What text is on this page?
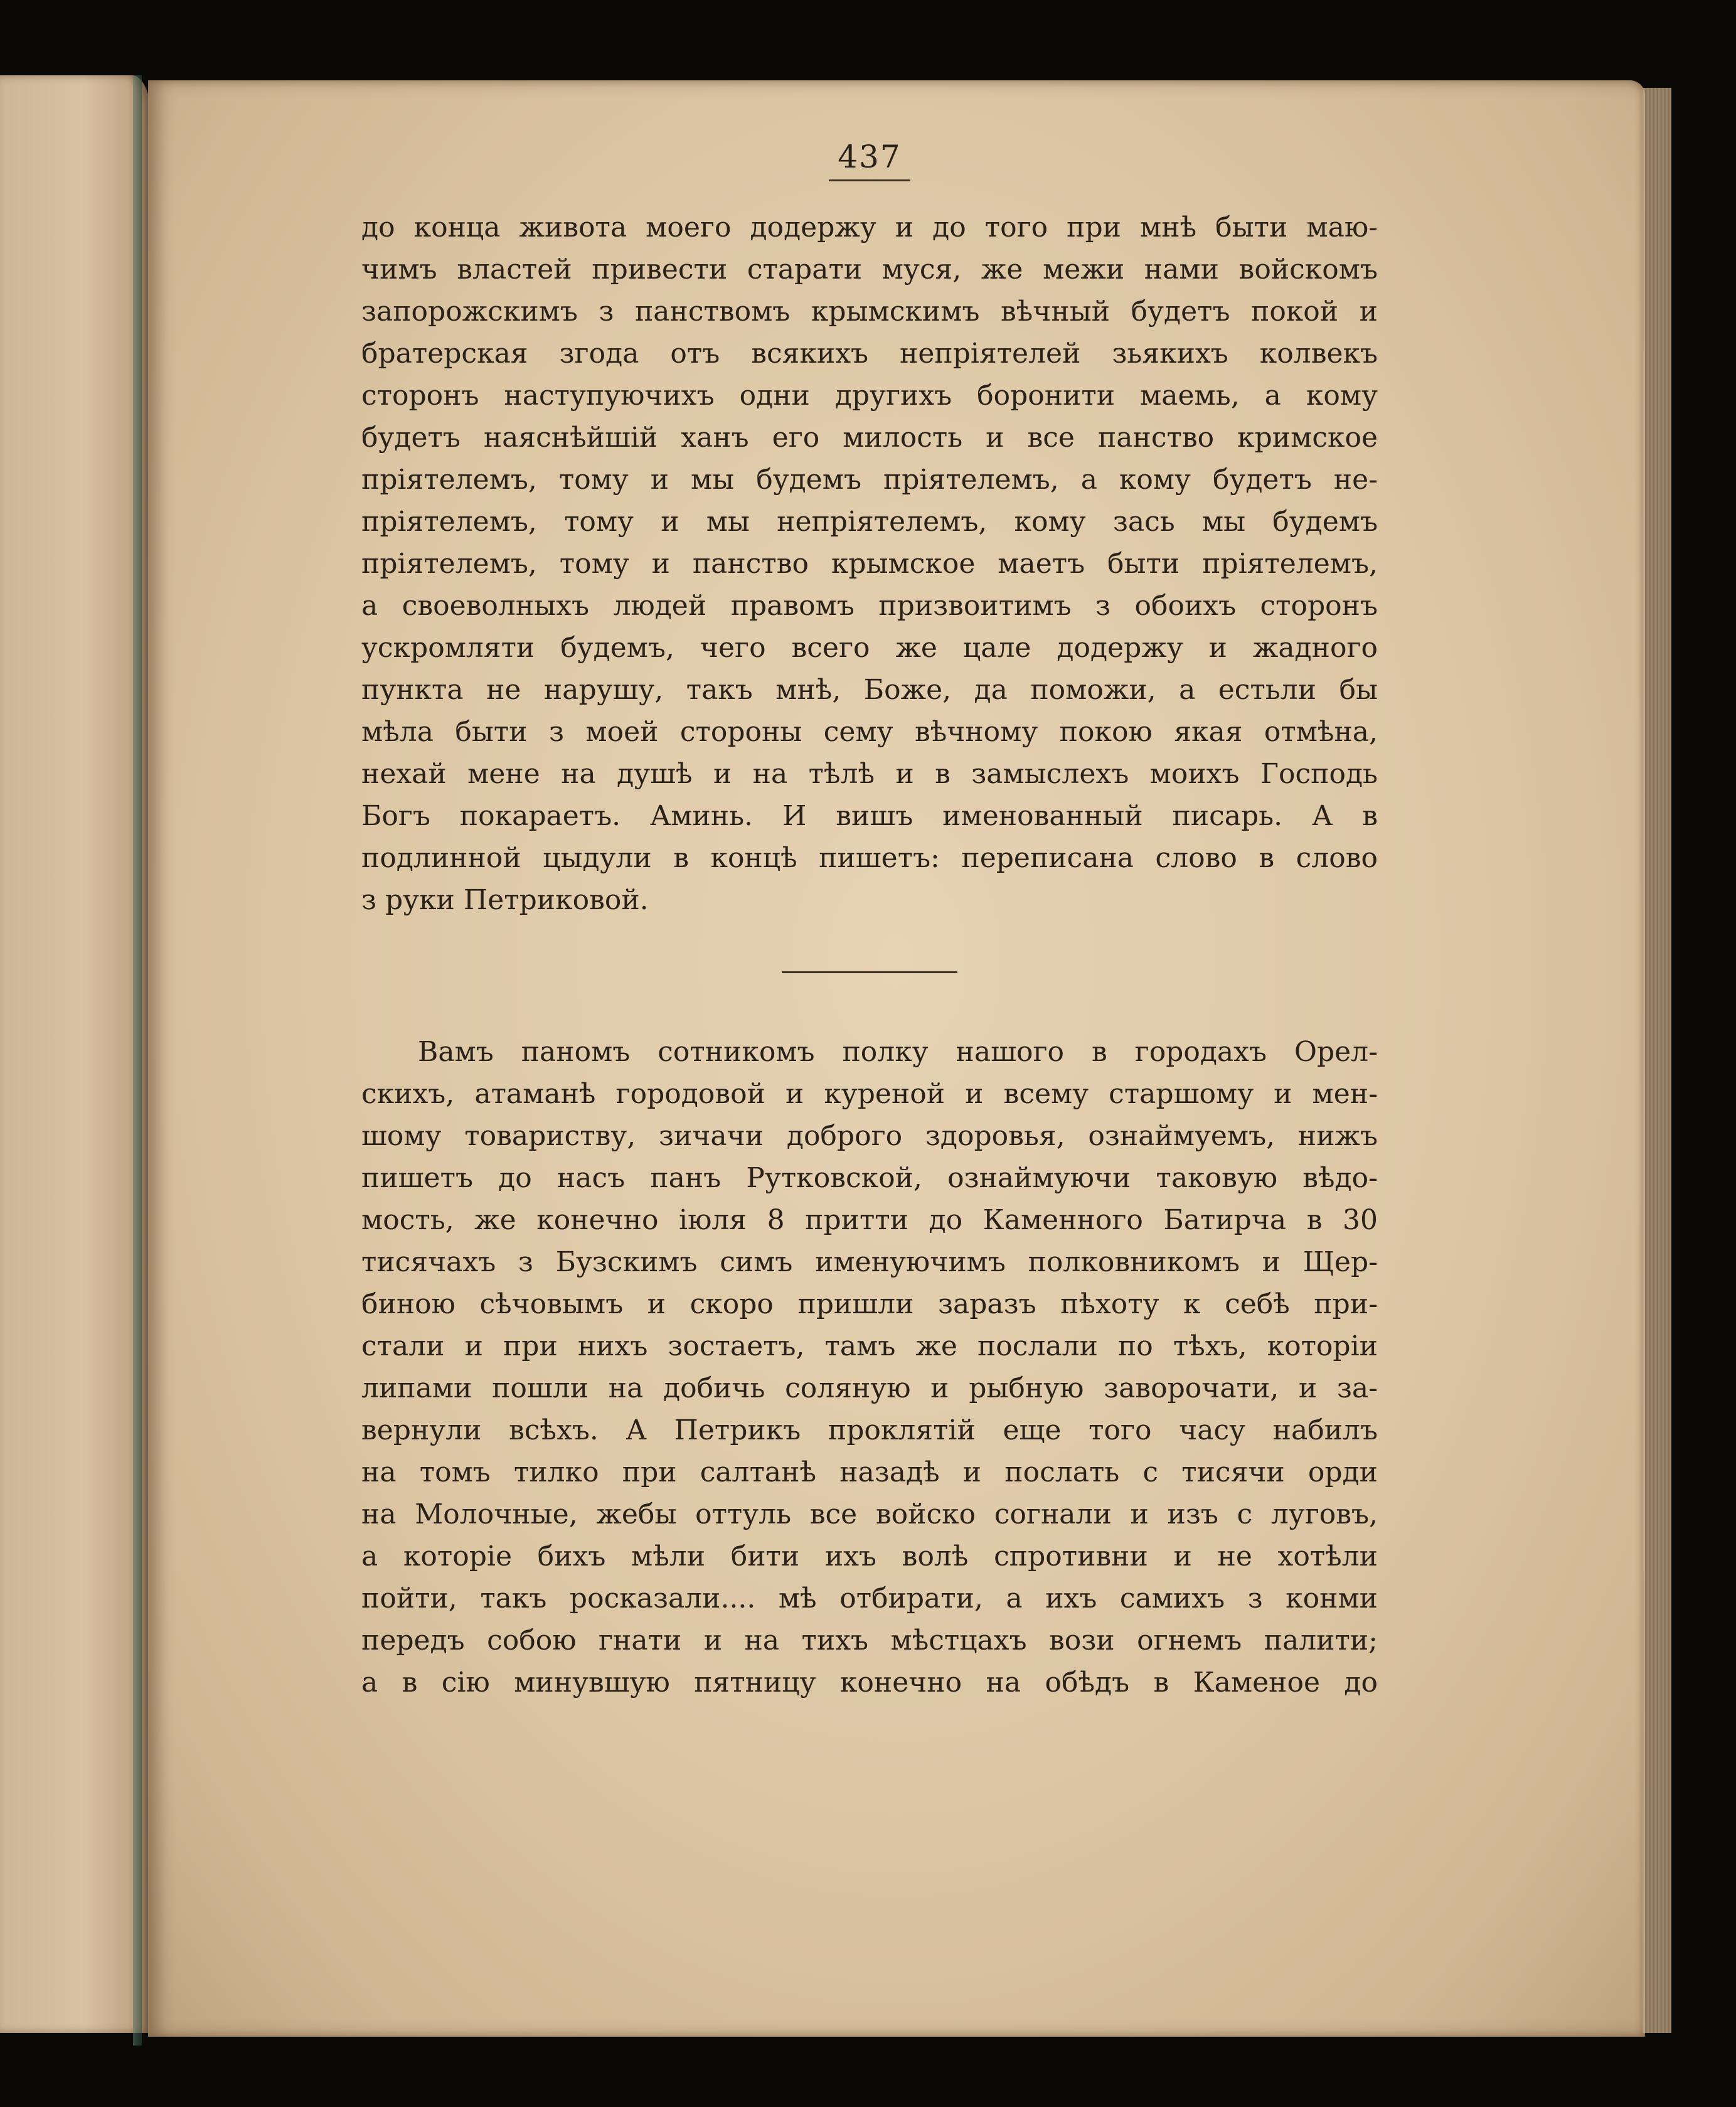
437
до конца живота моего додержу и до того при мнѣ быти маю-
чимъ властей привести старати муся, же межи нами войскомъ
запорожскимъ з панствомъ крымскимъ вѣчный будетъ покой и
братерская згода отъ всякихъ непріятелей зьякихъ колвекъ
сторонъ наступуючихъ одни другихъ боронити маемь, а кому
будетъ наяснѣйшій ханъ его милость и все панство кримское
пріятелемъ, тому и мы будемъ пріятелемъ, а кому будетъ не-
пріятелемъ, тому и мы непріятелемъ, кому зась мы будемъ
пріятелемъ, тому и панство крымское маетъ быти пріятелемъ,
а своеволныхъ людей правомъ призвоитимъ з обоихъ сторонъ
ускромляти будемъ, чего всего же цале додержу и жадного
пункта не нарушу, такъ мнѣ, Боже, да поможи, а естьли бы
мѣла быти з моей стороны сему вѣчному покою якая отмѣна,
нехай мене на душѣ и на тѣлѣ и в замыслехъ моихъ Господь
Богъ покараетъ. Аминь. И вишъ именованный писарь. А в
подлинной цыдули в концѣ пишетъ: переписана слово в слово
з руки Петриковой.
Вамъ паномъ сотникомъ полку нашого в городахъ Орел-
скихъ, атаманѣ городовой и куреной и всему старшому и мен-
шому товариству, зичачи доброго здоровья, ознаймуемъ, нижъ
пишетъ до насъ панъ Рутковской, ознаймуючи таковую вѣдо-
мость, же конечно іюля 8 притти до Каменного Батирча в 30
тисячахъ з Бузскимъ симъ именуючимъ полковникомъ и Щер-
биною сѣчовымъ и скоро пришли заразъ пѣхоту к себѣ при-
стали и при нихъ зостаетъ, тамъ же послали по тѣхъ, которіи
липами пошли на добичь соляную и рыбную заворочати, и за-
вернули всѣхъ. А Петрикъ проклятій еще того часу набилъ
на томъ тилко при салтанѣ назадѣ и послать с тисячи орди
на Молочные, жебы оттуль все войско согнали и изъ с луговъ,
а которіе бихъ мѣли бити ихъ волѣ спротивни и не хотѣли
пойти, такъ росказали.... мѣ отбирати, а ихъ самихъ з конми
передъ собою гнати и на тихъ мѣстцахъ вози огнемъ палити;
а в сію минувшую пятницу конечно на обѣдъ в Каменое до
